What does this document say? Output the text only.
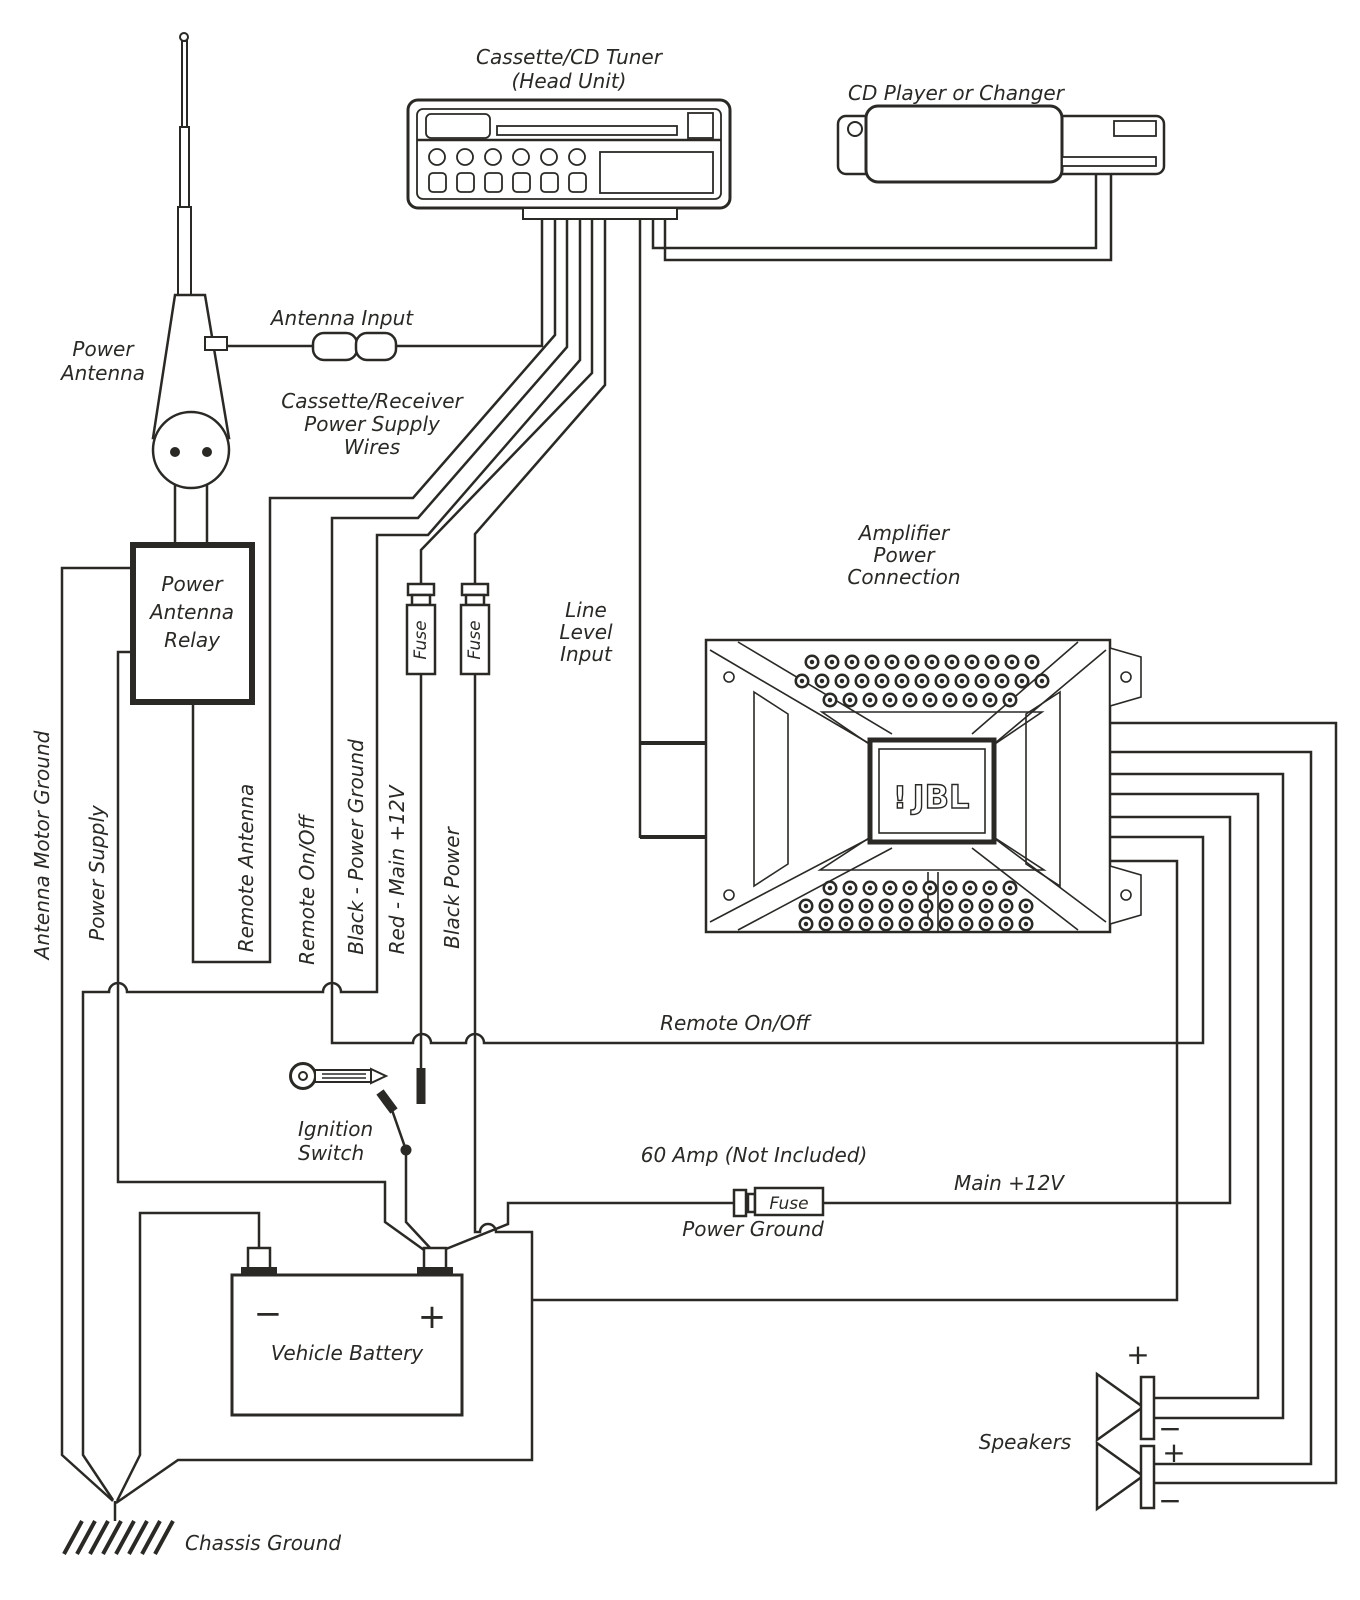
Power
Antenna
Antenna Input
Cassette/CD Tuner
(Head Unit)	CD Player or Changer
Cassette/Receiver
Power Supply
Wires
Power
Antenna
Relay
Antenna Motor Ground Power Supply	Remote Antenna Remote On/Off Black - Power Ground Red - Main +12V Black Power
Fuse Fuse
Line
Level
Input
Amplifier
Power
Connection
! JBL
Remote On/Off
60 Amp (Not Included)
Main +12V
Power Ground
Fuse
Ignition
Switch
−	+
Vehicle Battery	+
−
+
−
Speakers
Chassis Ground
